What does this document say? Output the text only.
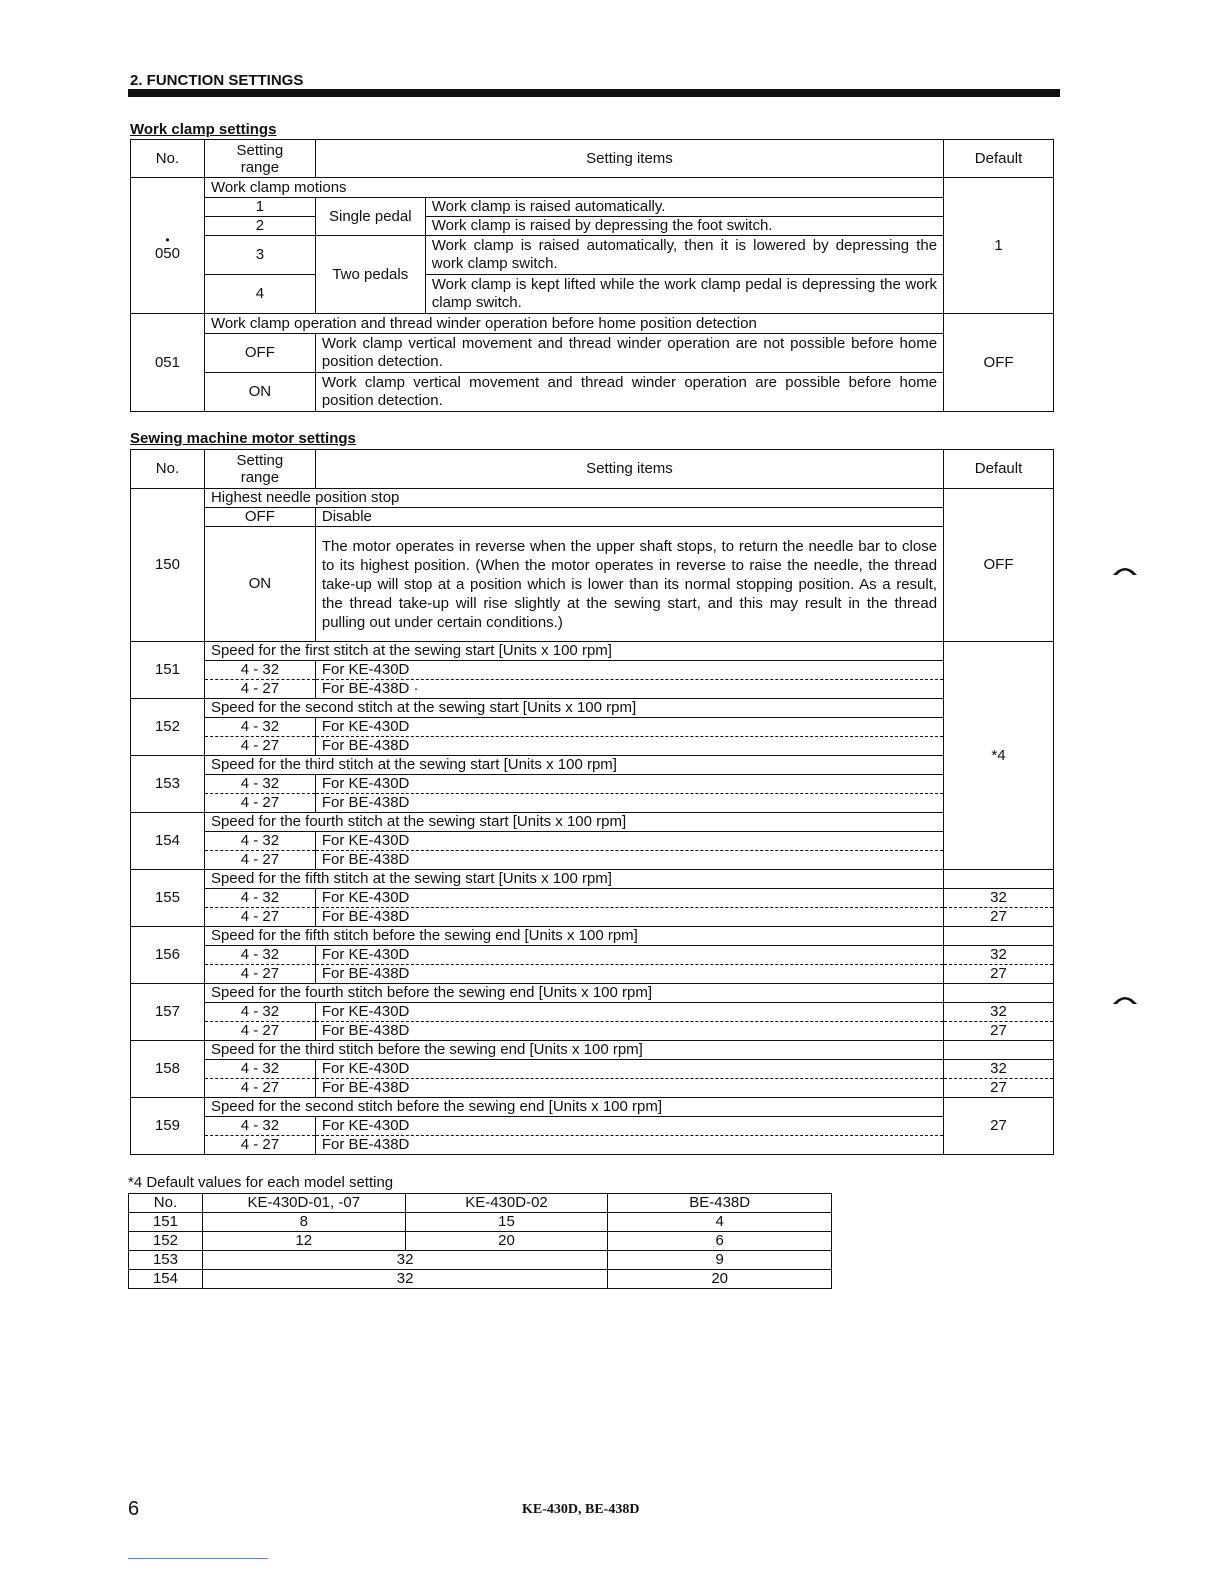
2. FUNCTION SETTINGS
Work clamp settings
No.	Setting
range	Setting items		Default

•
050	Work clamp motions			1
	1	Single pedal	Work clamp is raised automatically.	
	2		Work clamp is raised by depressing the foot switch.	
	3	Two pedals	Work clamp is raised automatically, then it is lowered by depressing the work clamp switch.	
	4		Work clamp is kept lifted while the work clamp pedal is depressing the work clamp switch.	
051	Work clamp operation and thread winder operation before home position detection			OFF
	OFF	Work clamp vertical movement and thread winder operation are not possible before home position detection.		
	ON	Work clamp vertical movement and thread winder operation are possible before home position detection.		
Sewing machine motor settings
No.	Setting
range	Setting items	Default
150	Highest needle position stop		OFF
	OFF	Disable	
	ON	The motor operates in reverse when the upper shaft stops, to return the needle bar to close to its highest position. (When the motor operates in reverse to raise the needle, the thread take-up will stop at a position which is lower than its normal stopping position. As a result, the thread take-up will rise slightly at the sewing start, and this may result in the thread pulling out under certain conditions.)	
151	Speed for the first stitch at the sewing start [Units x 100 rpm]		*4
	4 - 32	For KE-430D	
	4 - 27	For BE-438D ·	
152	Speed for the second stitch at the sewing start [Units x 100 rpm]		
	4 - 32	For KE-430D	
	4 - 27	For BE-438D	
153	Speed for the third stitch at the sewing start [Units x 100 rpm]		
	4 - 32	For KE-430D	
	4 - 27	For BE-438D	
154	Speed for the fourth stitch at the sewing start [Units x 100 rpm]		
	4 - 32	For KE-430D	
	4 - 27	For BE-438D	
155	Speed for the fifth stitch at the sewing start [Units x 100 rpm]		
	4 - 32	For KE-430D	32
	4 - 27	For BE-438D	27
156	Speed for the fifth stitch before the sewing end [Units x 100 rpm]		
	4 - 32	For KE-430D	32
	4 - 27	For BE-438D	27
157	Speed for the fourth stitch before the sewing end [Units x 100 rpm]		
	4 - 32	For KE-430D	32
	4 - 27	For BE-438D	27
158	Speed for the third stitch before the sewing end [Units x 100 rpm]		
	4 - 32	For KE-430D	32
	4 - 27	For BE-438D	27
159	Speed for the second stitch before the sewing end [Units x 100 rpm]		27
	4 - 32	For KE-430D	
	4 - 27	For BE-438D	
*4 Default values for each model setting
No.	KE-430D-01, -07	KE-430D-02	BE-438D
151	8	15	4
152	12	20	6
153	32		9
154	32		20
6	KE-430D, BE-438D
